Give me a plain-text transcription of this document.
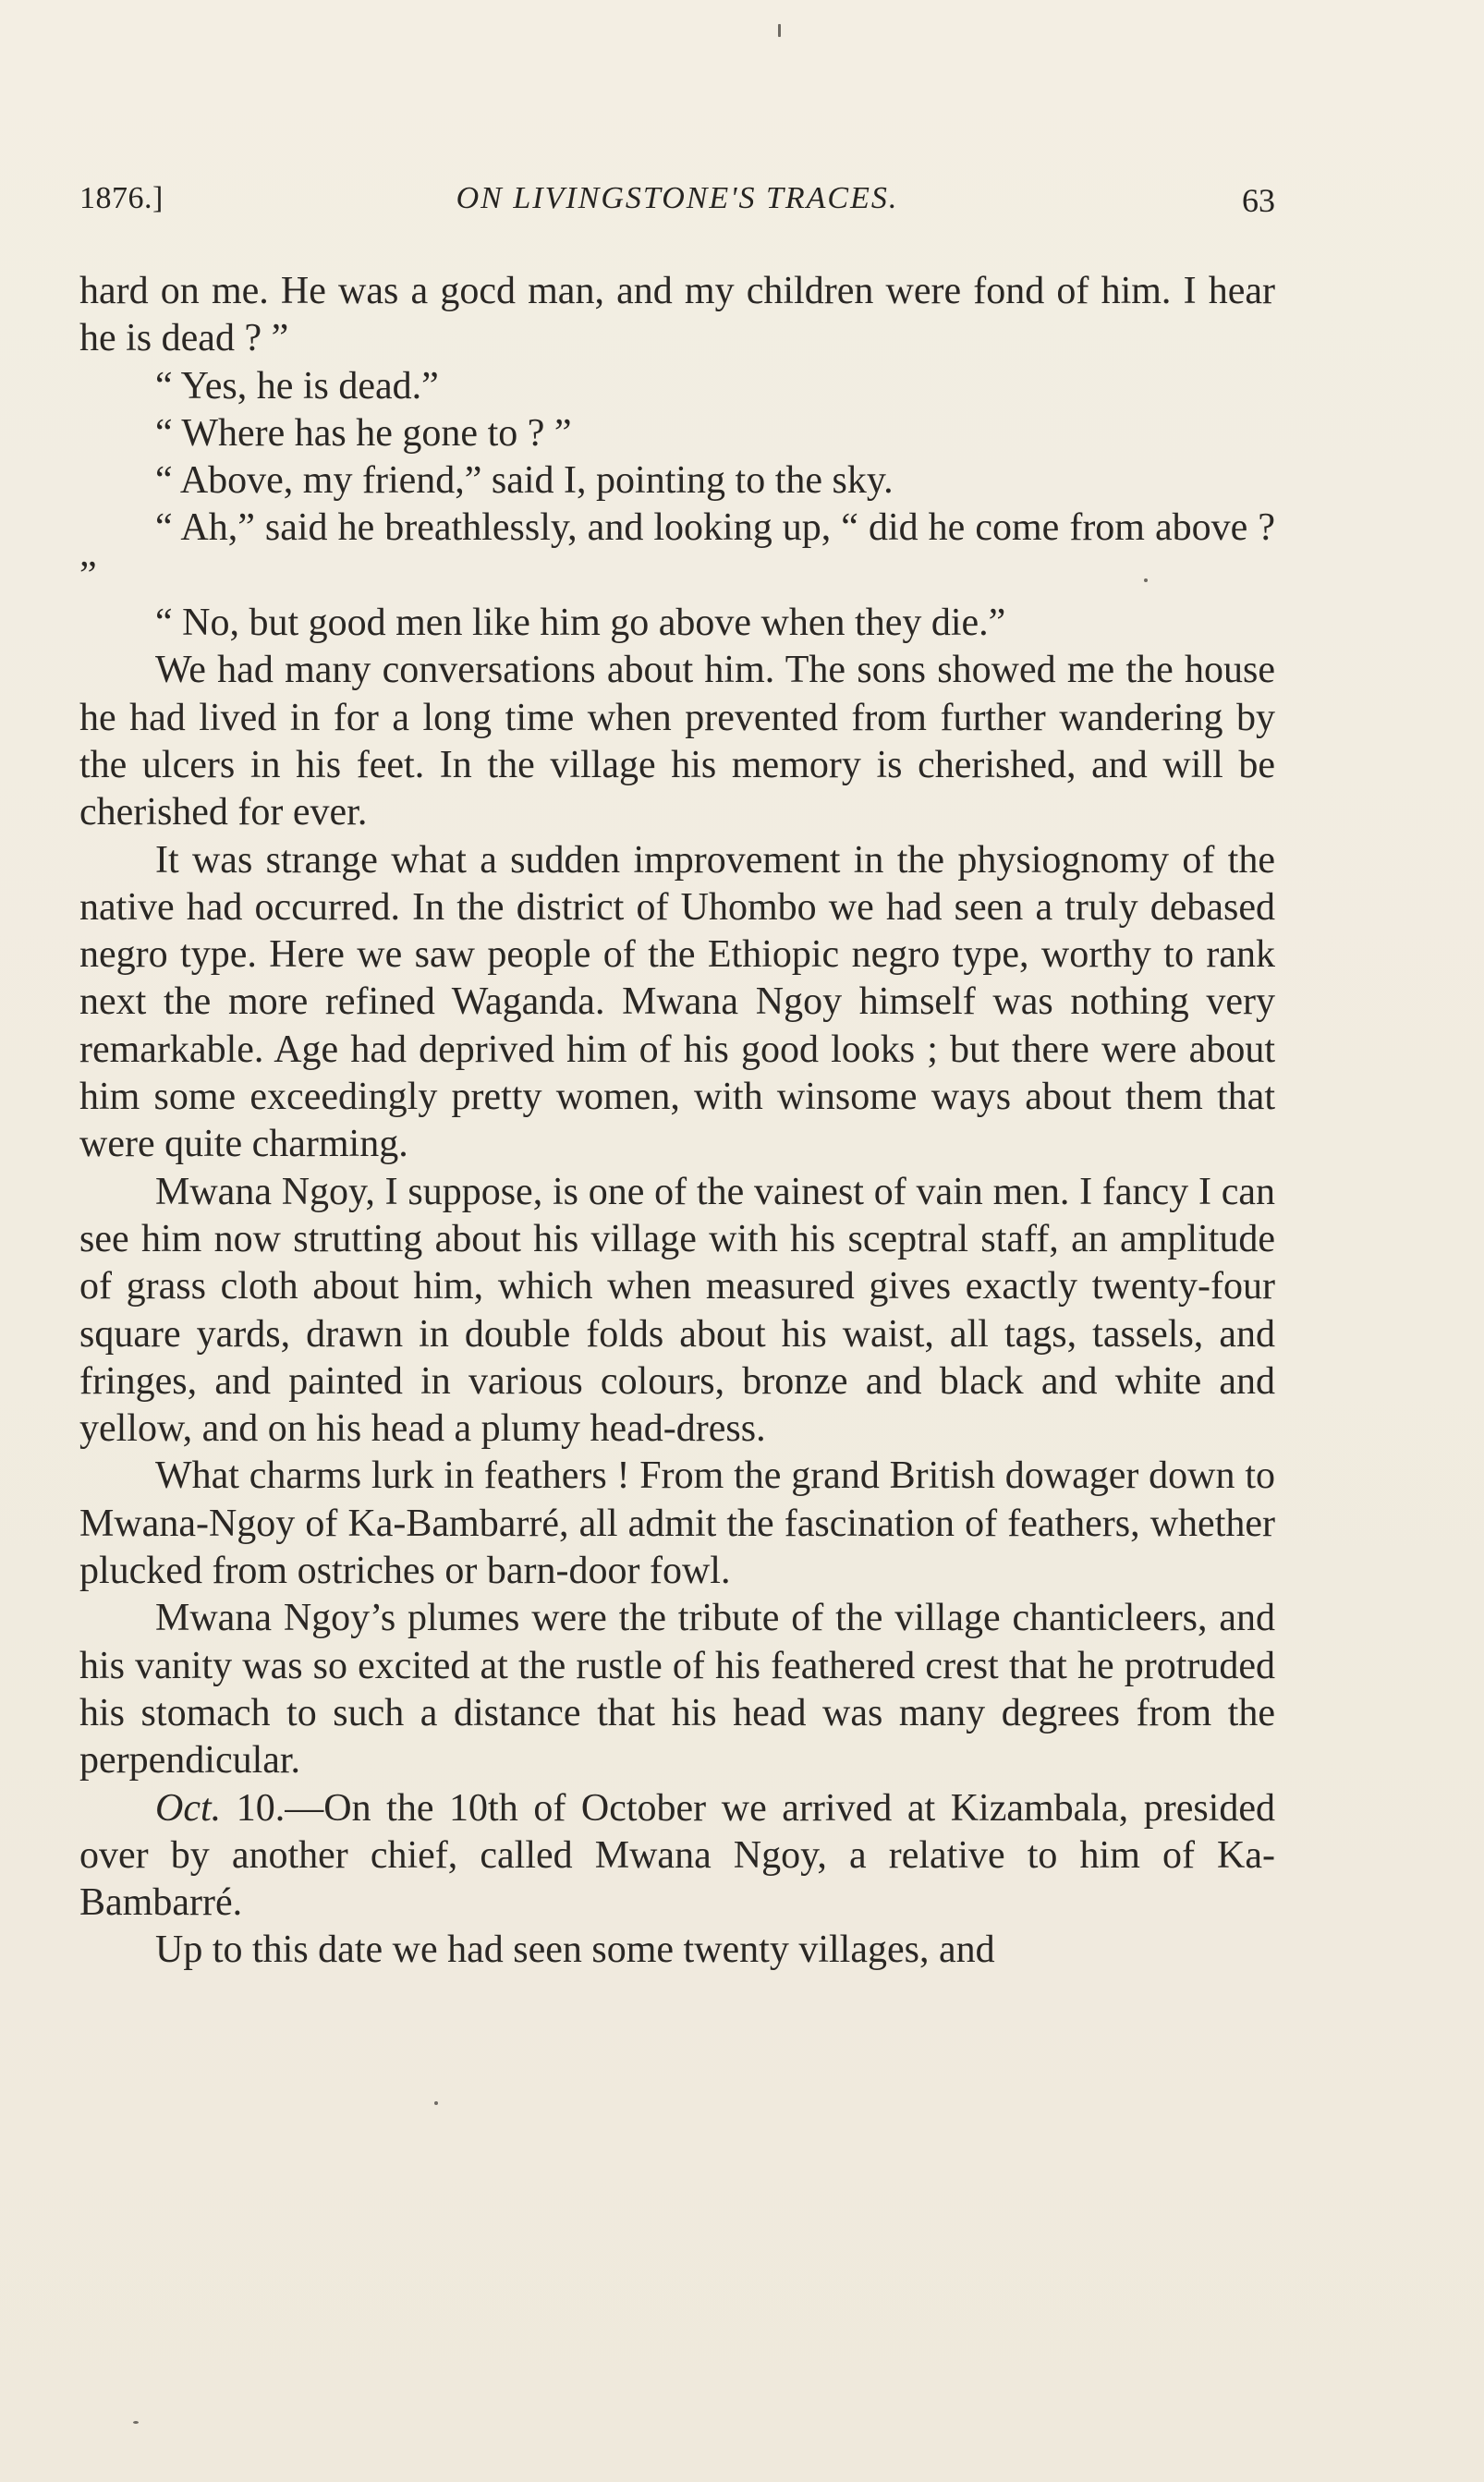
1876.]	ON LIVINGSTONE'S TRACES.	63

hard on me. He was a gocd man, and my children were fond of him. I hear he is dead ? ”

“ Yes, he is dead.”

“ Where has he gone to ? ”

“ Above, my friend,” said I, pointing to the sky.

“ Ah,” said he breathlessly, and looking up, “ did he come from above ? ”

“ No, but good men like him go above when they die.”

We had many conversations about him. The sons showed me the house he had lived in for a long time when prevented from further wandering by the ulcers in his feet. In the village his memory is cherished, and will be cherished for ever.

It was strange what a sudden improvement in the physiognomy of the native had occurred. In the district of Uhombo we had seen a truly debased negro type. Here we saw people of the Ethiopic negro type, worthy to rank next the more refined Waganda. Mwana Ngoy himself was nothing very remarkable. Age had deprived him of his good looks ; but there were about him some exceedingly pretty women, with winsome ways about them that were quite charming.

Mwana Ngoy, I suppose, is one of the vainest of vain men. I fancy I can see him now strutting about his village with his sceptral staff, an amplitude of grass cloth about him, which when measured gives exactly twenty-four square yards, drawn in double folds about his waist, all tags, tassels, and fringes, and painted in various colours, bronze and black and white and yellow, and on his head a plumy head-dress.

What charms lurk in feathers ! From the grand British dowager down to Mwana-Ngoy of Ka-Bambarré, all admit the fascination of feathers, whether plucked from ostriches or barn-door fowl.

Mwana Ngoy’s plumes were the tribute of the village chanticleers, and his vanity was so excited at the rustle of his feathered crest that he protruded his stomach to such a distance that his head was many degrees from the perpendicular.

Oct. 10.—On the 10th of October we arrived at Kizambala, presided over by another chief, called Mwana Ngoy, a relative to him of Ka-Bambarré.

Up to this date we had seen some twenty villages, and
